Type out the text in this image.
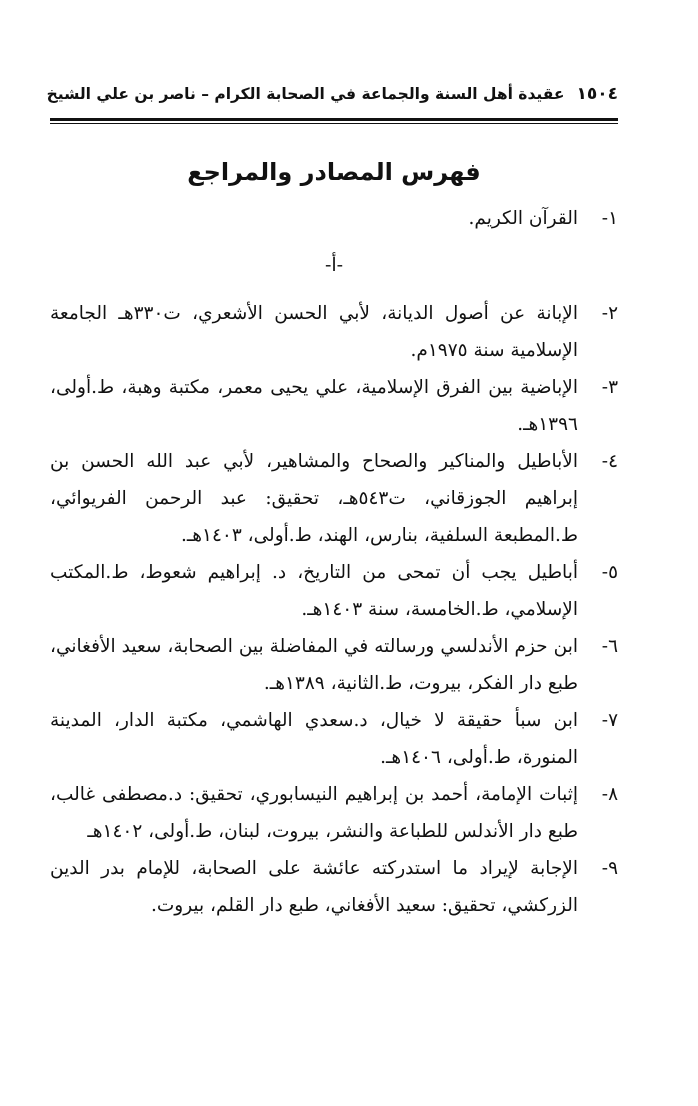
١٥٠٤
عقيدة أهل السنة والجماعة في الصحابة الكرام – ناصر بن علي الشيخ
فهرس المصادر والمراجع
١-
القرآن الكريم.
-أ-
٢-
الإبانة عن أصول الديانة، لأبي الحسن الأشعري، ت٣٣٠هـ الجامعة الإسلامية سنة ١٩٧٥م.
٣-
الإباضية بين الفرق الإسلامية، علي يحيى معمر، مكتبة وهبة، ط.أولى، ١٣٩٦هـ.
٤-
الأباطيل والمناكير والصحاح والمشاهير، لأبي عبد الله الحسن بن إبراهيم الجوزقاني، ت٥٤٣هـ، تحقيق: عبد الرحمن الفريوائي، ط.المطبعة السلفية، بنارس، الهند، ط.أولى، ١٤٠٣هـ.
٥-
أباطيل يجب أن تمحى من التاريخ، د. إبراهيم شعوط، ط.المكتب الإسلامي، ط.الخامسة، سنة ١٤٠٣هـ.
٦-
ابن حزم الأندلسي ورسالته في المفاضلة بين الصحابة، سعيد الأفغاني، طبع دار الفكر، بيروت، ط.الثانية، ١٣٨٩هـ.
٧-
ابن سبأ حقيقة لا خيال، د.سعدي الهاشمي، مكتبة الدار، المدينة المنورة، ط.أولى، ١٤٠٦هـ.
٨-
إثبات الإمامة، أحمد بن إبراهيم النيسابوري، تحقيق: د.مصطفى غالب، طبع دار الأندلس للطباعة والنشر، بيروت، لبنان، ط.أولى، ١٤٠٢هـ
٩-
الإجابة لإيراد ما استدركته عائشة على الصحابة، للإمام بدر الدين الزركشي، تحقيق: سعيد الأفغاني، طبع دار القلم، بيروت.
